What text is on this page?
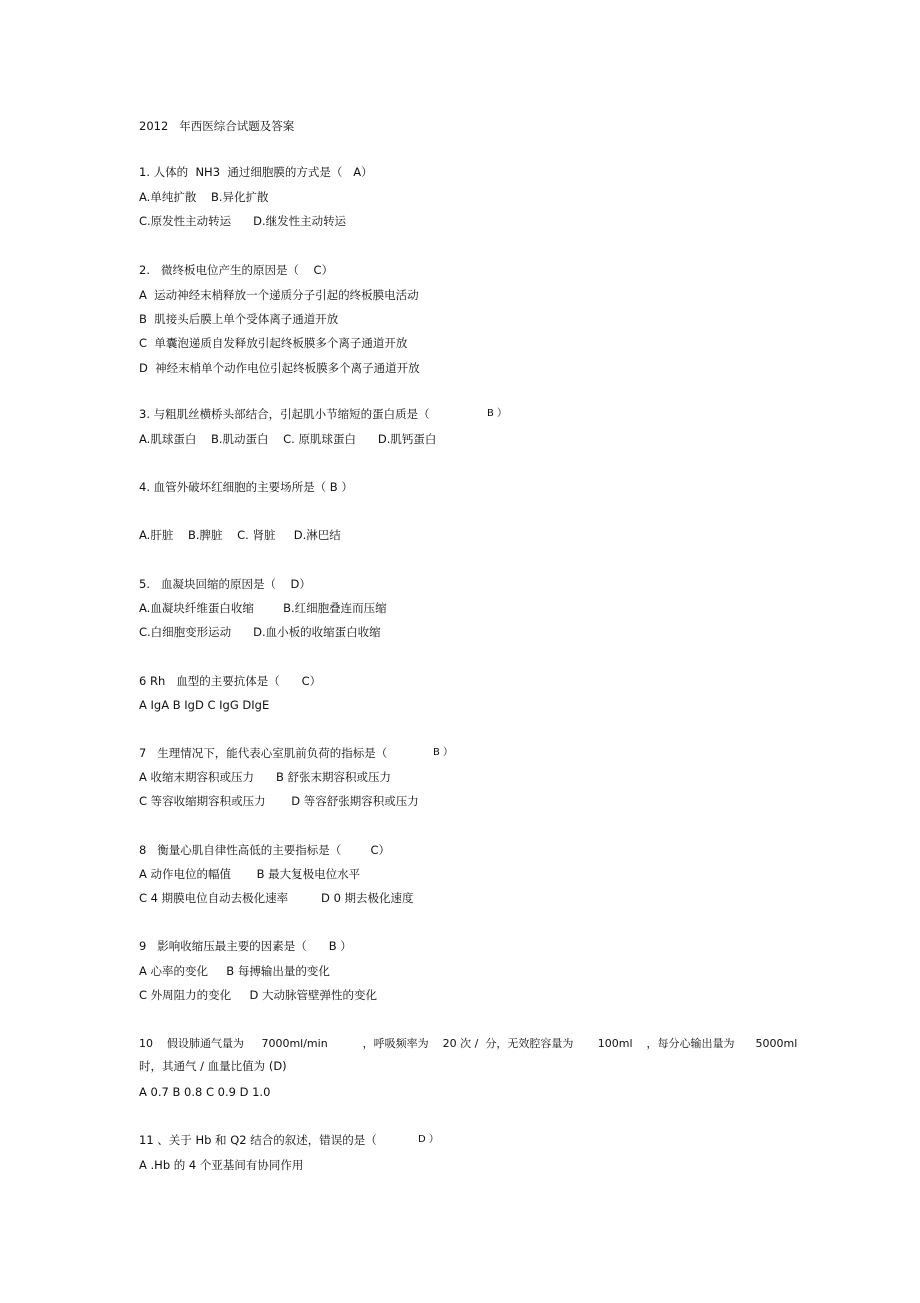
2012   年西医综合试题及答案
1. 人体的  NH3  通过细胞膜的方式是（   A）
A.单纯扩散    B.异化扩散
C.原发性主动转运      D.继发性主动转运
2.   微终板电位产生的原因是（    C）
A  运动神经末梢释放一个递质分子引起的终板膜电活动
B  肌接头后膜上单个受体离子通道开放
C  单囊泡递质自发释放引起终板膜多个离子通道开放
D  神经末梢单个动作电位引起终板膜多个离子通道开放
3. 与粗肌丝横桥头部结合，引起肌小节缩短的蛋白质是（	B ）
A.肌球蛋白    B.肌动蛋白    C. 原肌球蛋白      D.肌钙蛋白
4. 血管外破坏红细胞的主要场所是（ B ）
A.肝脏    B.脾脏    C. 肾脏     D.淋巴结
5.   血凝块回缩的原因是（    D）
A.血凝块纤维蛋白收缩        B.红细胞叠连而压缩
C.白细胞变形运动      D.血小板的收缩蛋白收缩
6 Rh   血型的主要抗体是（      C）
A IgA B IgD C IgG DIgE
7   生理情况下，能代表心室肌前负荷的指标是（	B ）
A 收缩末期容积或压力      B 舒张末期容积或压力
C 等容收缩期容积或压力       D 等容舒张期容积或压力
8   衡量心肌自律性高低的主要指标是（        C）
A 动作电位的幅值       B 最大复极电位水平
C 4 期膜电位自动去极化速率         D 0 期去极化速度
9   影响收缩压最主要的因素是（      B ）
A 心率的变化     B 每搏输出量的变化
C 外周阻力的变化     D 大动脉管壁弹性的变化
10    假设肺通气量为     7000ml/min          ，呼吸频率为    20 次 /  分，无效腔容量为       100ml    ，每分心输出量为      5000ml
时，其通气 / 血量比值为 (D)
A 0.7 B 0.8 C 0.9 D 1.0
11 、关于 Hb 和 Q2 结合的叙述，错误的是（	D ）
A .Hb 的 4 个亚基间有协同作用
